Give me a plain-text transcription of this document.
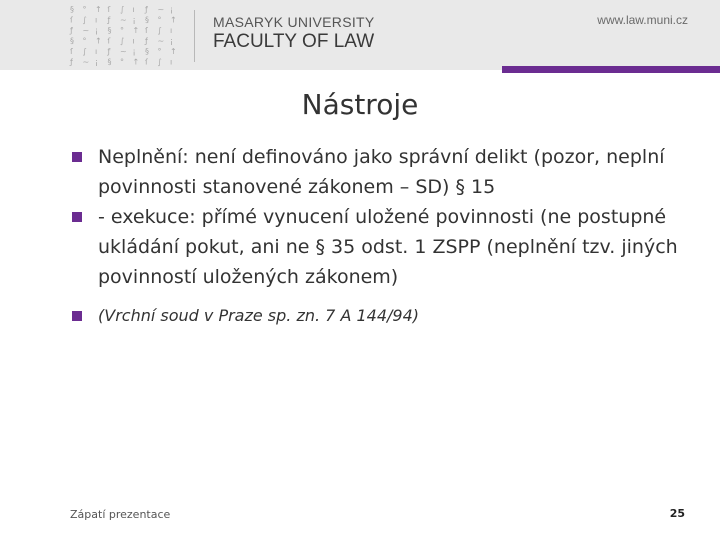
§ ° ↑ ſ ∫ ı ƒ ~ ¡
ſ ∫ ı ƒ ~ ¡ § ° ↑
ƒ ~ ¡ § ° ↑ ſ ∫ ı
§ ° ↑ ſ ∫ ı ƒ ~ ¡
ſ ∫ ı ƒ ~ ¡ § ° ↑
ƒ ~ ¡ § ° ↑ ſ ∫ ı
MASARYK UNIVERSITY
FACULTY OF LAW
www.law.muni.cz
Nástroje
Neplnění: není definováno jako správní delikt (pozor, neplní povinnosti stanovené zákonem – SD) § 15
- exekuce: přímé vynucení uložené povinnosti (ne postupné ukládání pokut, ani ne § 35 odst. 1 ZSPP (neplnění tzv. jiných povinností uložených zákonem)
(Vrchní soud v Praze sp. zn. 7 A 144/94)
Zápatí prezentace	25
